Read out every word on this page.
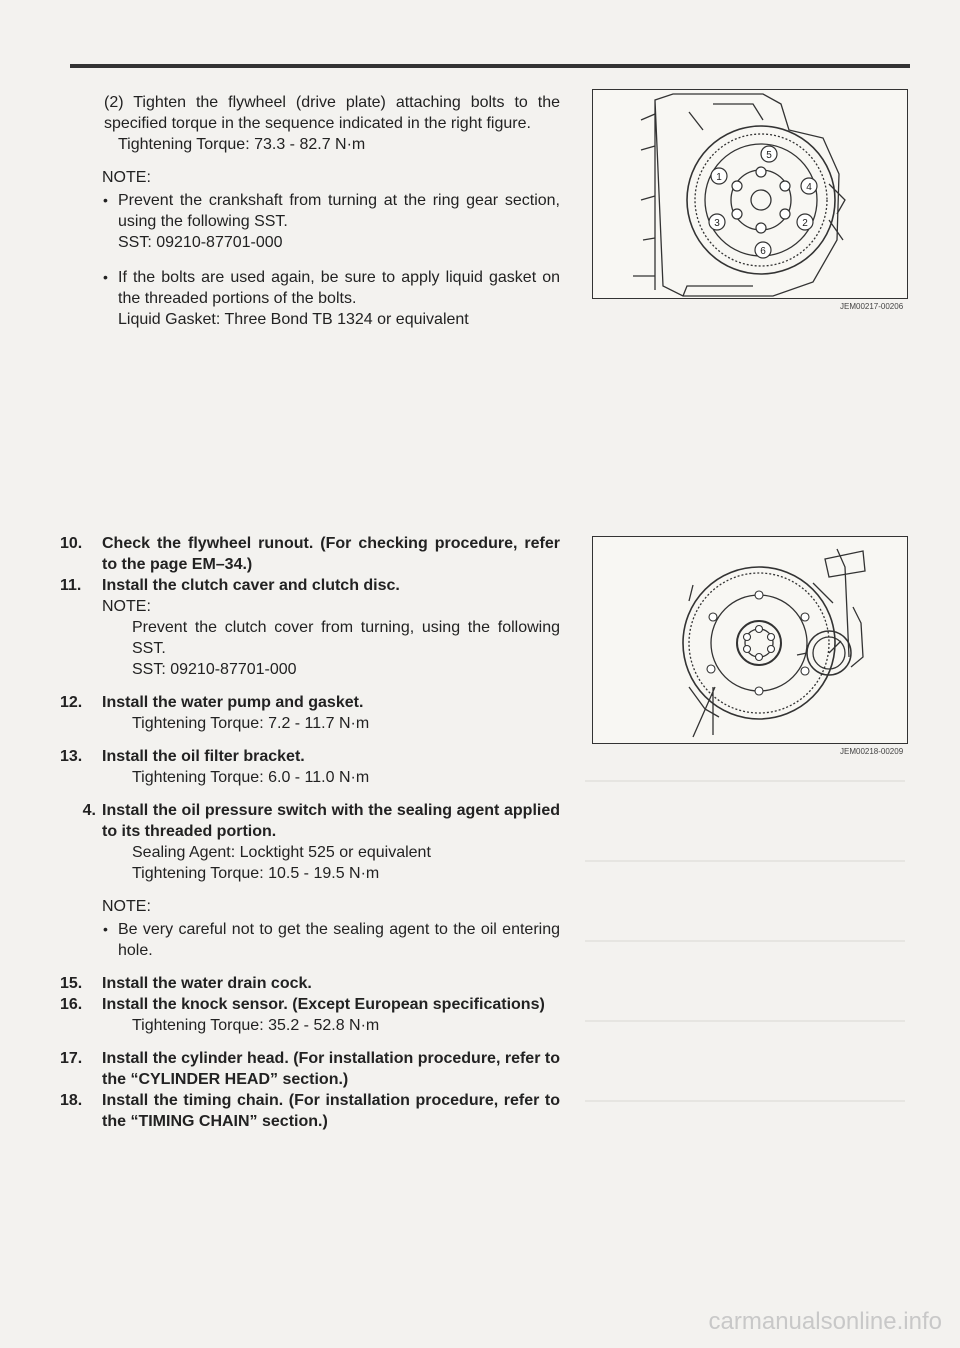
(2) Tighten the flywheel (drive plate) attaching bolts to the specified torque in the sequence indicated in the right figure.
Tightening Torque: 73.3 - 82.7 N·m
NOTE:
• Prevent the crankshaft from turning at the ring gear section, using the following SST.
SST: 09210-87701-000
• If the bolts are used again, be sure to apply liquid gasket on the threaded portions of the bolts.
Liquid Gasket: Three Bond TB 1324 or equivalent
10.	Check the flywheel runout. (For checking procedure, refer to the page EM–34.)
11.	Install the clutch caver and clutch disc.
NOTE:
Prevent the clutch cover from turning, using the following SST.
SST: 09210-87701-000
12.	Install the water pump and gasket.
Tightening Torque: 7.2 - 11.7 N·m
13.	Install the oil filter bracket.
Tightening Torque: 6.0 - 11.0 N·m
4. Install the oil pressure switch with the sealing agent applied to its threaded portion.
Sealing Agent: Locktight 525 or equivalent
Tightening Torque: 10.5 - 19.5 N·m
NOTE:
• Be very careful not to get the sealing agent to the oil entering hole.
15.	Install the water drain cock.
16.	Install the knock sensor. (Except European specifications)
Tightening Torque: 35.2 - 52.8 N·m
17.	Install the cylinder head. (For installation procedure, refer to the “CYLINDER HEAD” section.)
18.	Install the timing chain. (For installation procedure, refer to the “TIMING CHAIN” section.)
1
2
3
4
5
6
JEM00217-00206
JEM00218-00209
carmanualsonline.info
